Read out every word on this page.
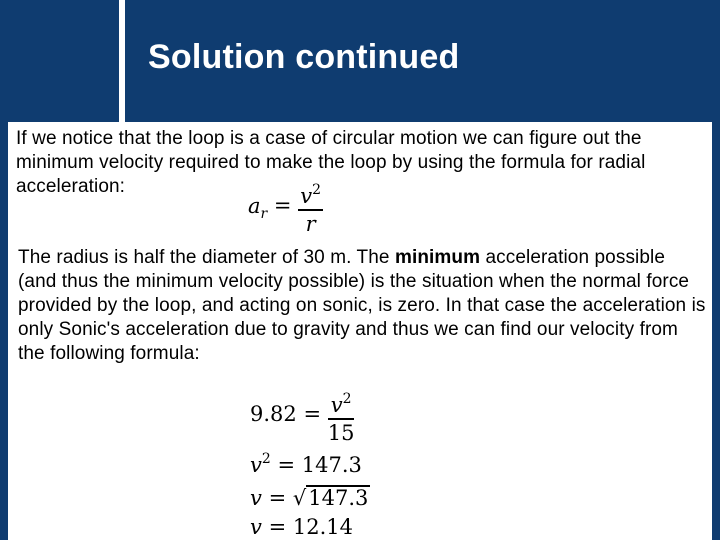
Solution continued
If we notice that the loop is a case of circular motion we can figure out the minimum velocity required to make the loop by using the formula for radial acceleration:
$a_r = \frac{v^2}{r}$
The radius is half the diameter of 30 m. The minimum acceleration possible (and thus the minimum velocity possible) is the situation when the normal force provided by the loop, and acting on sonic, is zero. In that case the acceleration is only Sonic's acceleration due to gravity and thus we can find our velocity from the following formula:
$9.82 = \frac{v^2}{15}$
$v^2 = 147.3$
v = √147.3
v = 12.14
